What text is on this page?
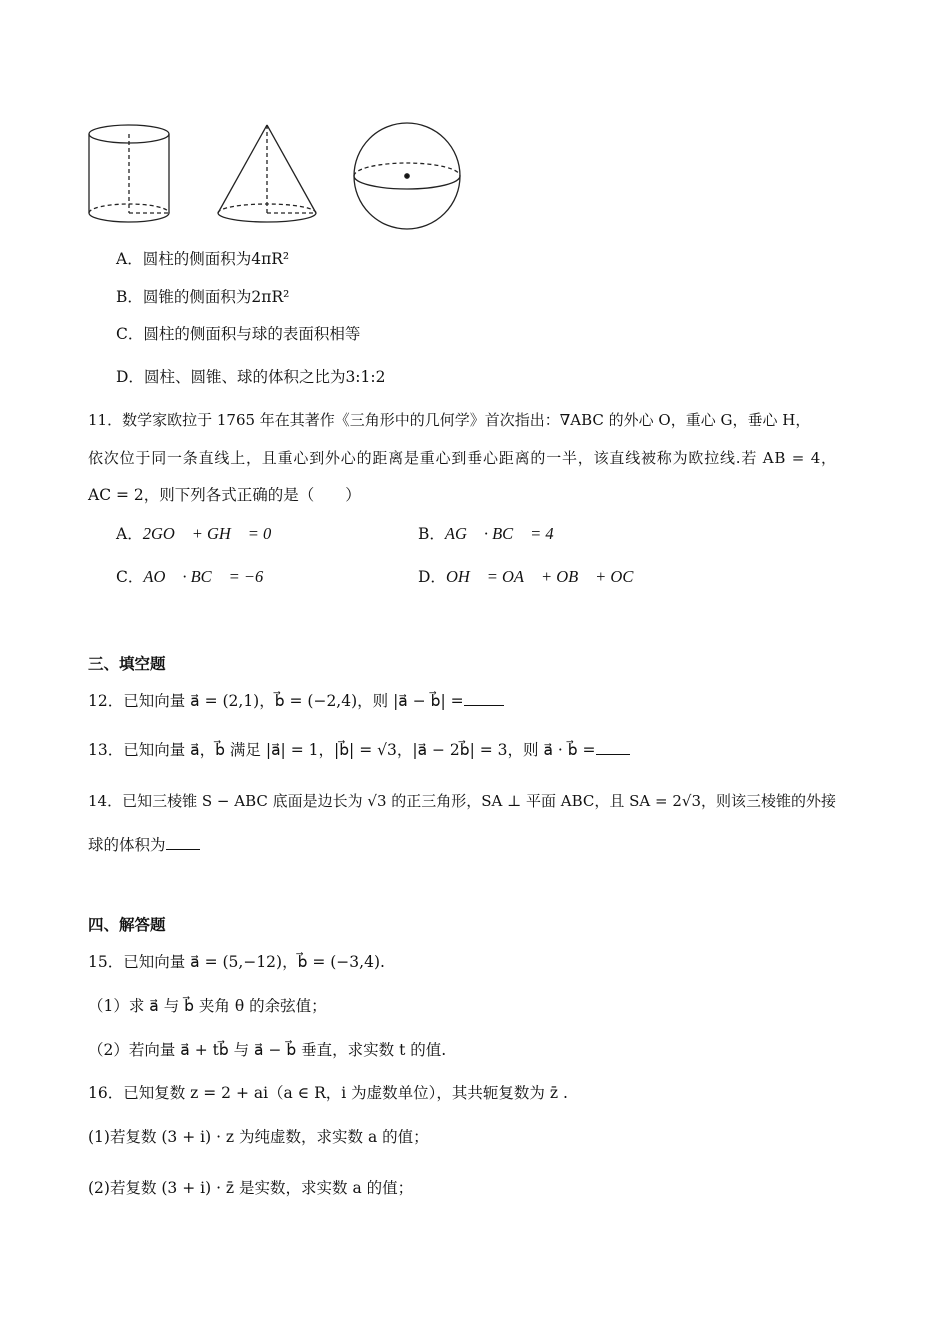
A．圆柱的侧面积为4πR²
B．圆锥的侧面积为2πR²
C．圆柱的侧面积与球的表面积相等
D．圆柱、圆锥、球的体积之比为3:1:2
11．数学家欧拉于 1765 年在其著作《三角形中的几何学》首次指出：∇ABC 的外心 O，重心 G，垂心 H，
依次位于同一条直线上，且重心到外心的距离是重心到垂心距离的一半，该直线被称为欧拉线.若 AB = 4，
AC = 2，则下列各式正确的是（　　）
A．2GO⃗ + GH⃗ = 0⃗	B．AG⃗ · BC⃗ = 4
C．AO⃗ · BC⃗ = −6	D．OH⃗ = OA⃗ + OB⃗ + OC⃗
三、填空题
12．已知向量 a⃗ = (2,1)，b⃗ = (−2,4)，则 |a⃗ − b⃗| =
13．已知向量 a⃗，b⃗ 满足 |a⃗| = 1，|b⃗| = √3，|a⃗ − 2b⃗| = 3，则 a⃗ · b⃗ =
14．已知三棱锥 S − ABC 底面是边长为 √3 的正三角形，SA ⊥ 平面 ABC，且 SA = 2√3，则该三棱锥的外接
球的体积为
四、解答题
15．已知向量 a⃗ = (5,−12)，b⃗ = (−3,4).
（1）求 a⃗ 与 b⃗ 夹角 θ 的余弦值；
（2）若向量 a⃗ + tb⃗ 与 a⃗ − b⃗ 垂直，求实数 t 的值.
16．已知复数 z = 2 + ai（a ∈ R，i 为虚数单位），其共轭复数为 z̄ .
(1)若复数 (3 + i) · z 为纯虚数，求实数 a 的值；
(2)若复数 (3 + i) · z̄ 是实数，求实数 a 的值；
